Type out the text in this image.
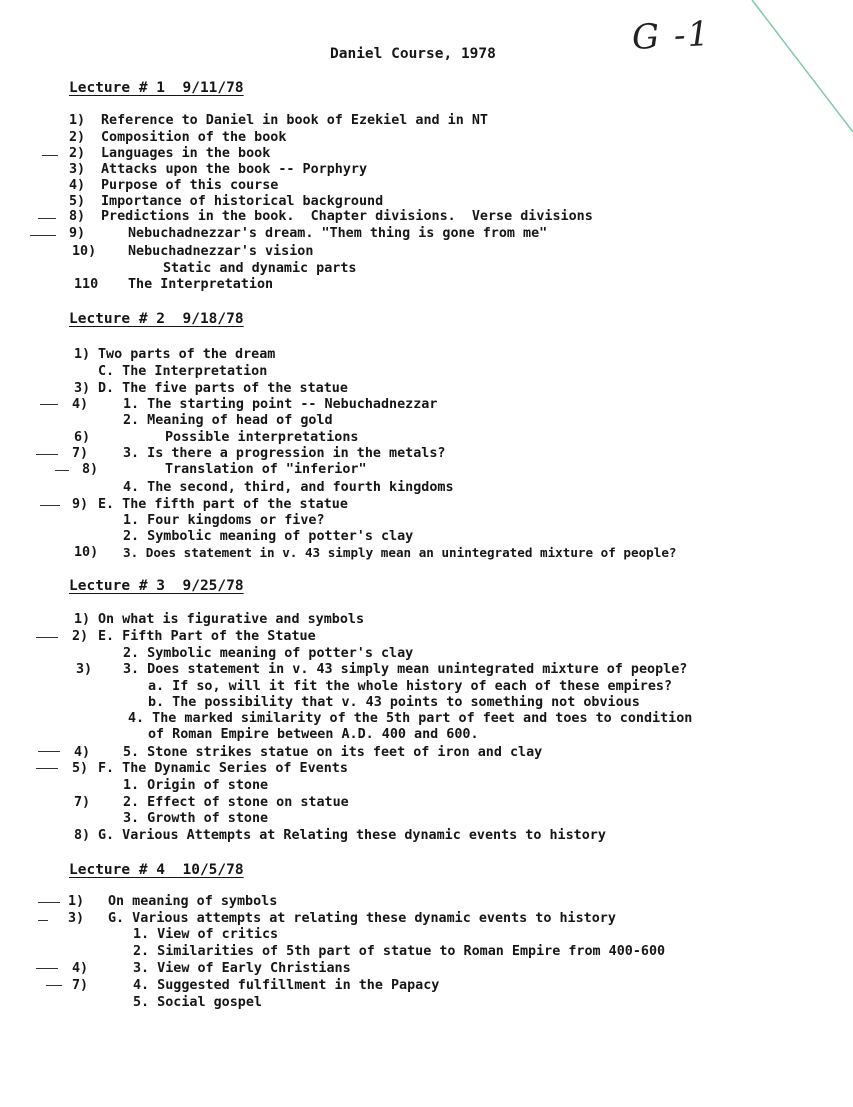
G -1
Daniel Course, 1978
Lecture # 1  9/11/78
1) Reference to Daniel in book of Ezekiel and in NT
2) Composition of the book
2) Languages in the book
3) Attacks upon the book -- Porphyry
4) Purpose of this course
5) Importance of historical background
8) Predictions in the book.  Chapter divisions.  Verse divisions
9)	Nebuchadnezzar's dream. "Them thing is gone from me"
10) Nebuchadnezzar's vision
Static and dynamic parts
110 The Interpretation
Lecture # 2  9/18/78
1) Two parts of the dream
C. The Interpretation
3) D. The five parts of the statue
4)	1. The starting point -- Nebuchadnezzar
2. Meaning of head of gold
6)	Possible interpretations
7)	3. Is there a progression in the metals?
8)	Translation of "inferior"
4. The second, third, and fourth kingdoms
9) E. The fifth part of the statue
1. Four kingdoms or five?
2. Symbolic meaning of potter's clay
10) 3. Does statement in v. 43 simply mean an unintegrated mixture of people?
Lecture # 3  9/25/78
1) On what is figurative and symbols
2) E. Fifth Part of the Statue
2. Symbolic meaning of potter's clay
3) 3. Does statement in v. 43 simply mean unintegrated mixture of people?
a. If so, will it fit the whole history of each of these empires?
b. The possibility that v. 43 points to something not obvious
4. The marked similarity of the 5th part of feet and toes to condition
of Roman Empire between A.D. 400 and 600.
4) 5. Stone strikes statue on its feet of iron and clay
5) F. The Dynamic Series of Events
1. Origin of stone
7) 2. Effect of stone on statue
3. Growth of stone
8) G. Various Attempts at Relating these dynamic events to history
Lecture # 4  10/5/78
1) On meaning of symbols
3) G. Various attempts at relating these dynamic events to history
1. View of critics
2. Similarities of 5th part of statue to Roman Empire from 400-600
4)	3. View of Early Christians
7)	4. Suggested fulfillment in the Papacy
5. Social gospel
